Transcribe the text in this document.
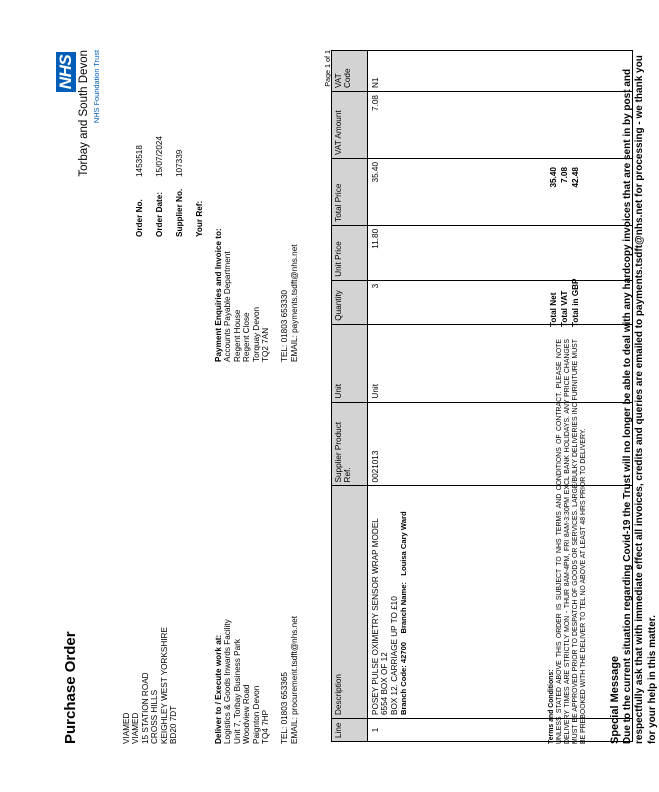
Purchase Order
NHS Torbay and South Devon NHS Foundation Trust
VIAMED VIAMED 15 STATION ROAD CROSS HILLS KEIGHLEY WEST YORKSHIRE BD20 7DT	Deliver to / Execute work at: Logistics & Goods Inwards Facility Unit 7, Torbay Business Park Woodview Road Paignton Devon TQ4 7HP TEL: 01803 653365 EMAIL: procurement.tsdft@nhs.net
Payment Enquiries and Invoice to: Accounts Payable Department Regent House Regent Close Torquay Devon TQ2 7AN TEL: 01803 653330 EMAIL: payments.tsdft@nhs.net
Order No.1453518
Order Date:15/07/2024
Supplier No.107339
Your Ref:
Page 1 of 1
Line	Description	Supplier Product Ref.	Unit	Quantity	Unit Price	Total Price	VAT Amount	VAT Code
1	POSEY PULSE OXIMETRY SENSOR WRAP MODEL 6554 BOX OF 12 BOX 12. CARRIAGE UP TO £10 Branch Code: 42700    Branch Name:   Louisa Cary Ward	0021013	Unit	3	11.80	35.40	7.08	N1

Terms and Conditions: UNLESS STATED ABOVE THIS ORDER IS SUBJECT TO NHS TERMS AND CONDITIONS OF CONTRACT. PLEASE NOTE DELIVERY TIMES ARE STRICTLY MON - THUR 8AM-4PM, FRI 8AM-3:30PM EXCL BANK HOLIDAYS. ANY PRICE CHANGES MUST BE APPROVED PRIOR TO DESPATCH OF GOODS OR SERVICES. LARGE/BULKY DELIVERIES INC FURNITURE MUST BE PREBOOKED WITH THE DELIVER TO TEL NO ABOVE AT LEAST 48 HRS PRIOR TO DELIVERY.
Total Net35.40
Total VAT7.08
Total in GBP42.48
Special Message Due to the current situation regarding Covid-19 the Trust will no longer be able to deal with any hardcopy invoices that are sent in by post and respectfully ask that with immediate effect all invoices, credits and queries are emailed to payments.tsdft@nhs.net for processing - we thank you for your help in this matter.
